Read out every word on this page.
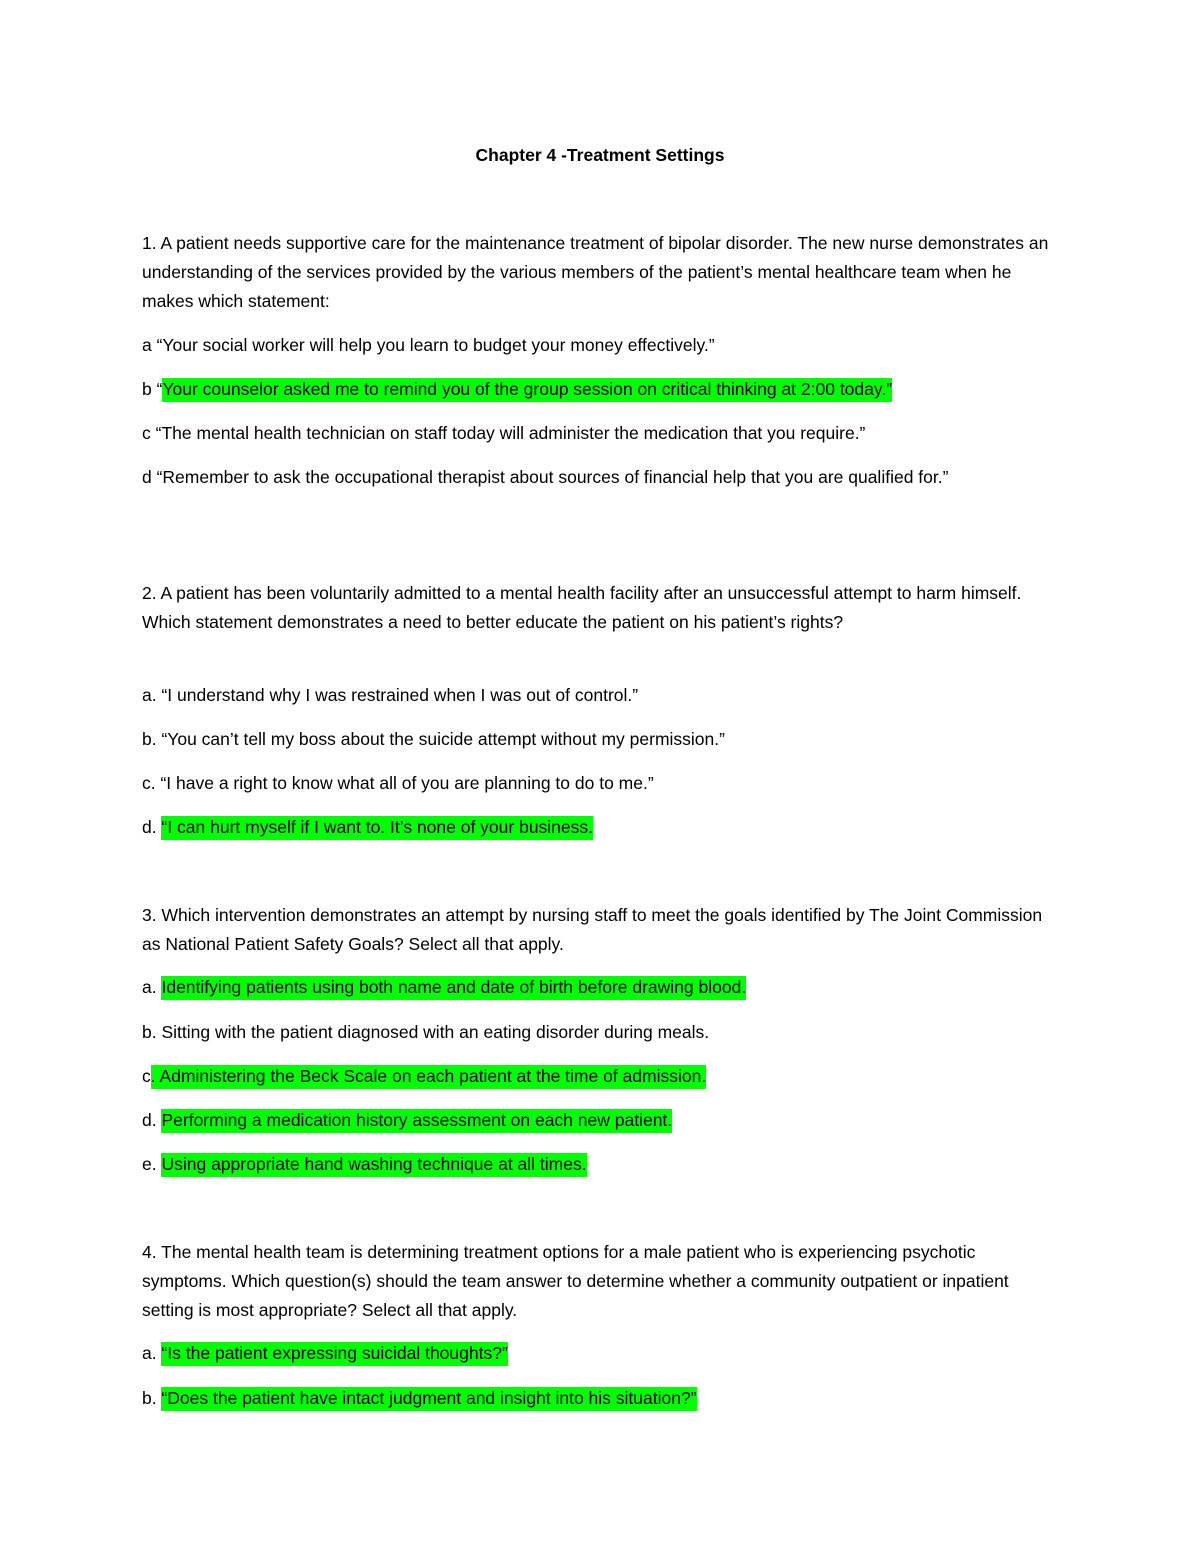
Chapter 4 -Treatment Settings

1. A patient needs supportive care for the maintenance treatment of bipolar disorder. The new nurse demonstrates an understanding of the services provided by the various members of the patient’s mental healthcare team when he makes which statement:

a “Your social worker will help you learn to budget your money effectively.”

b “Your counselor asked me to remind you of the group session on critical thinking at 2:00 today.”

c “The mental health technician on staff today will administer the medication that you require.”

d “Remember to ask the occupational therapist about sources of financial help that you are qualified for.”

2. A patient has been voluntarily admitted to a mental health facility after an unsuccessful attempt to harm himself. Which statement demonstrates a need to better educate the patient on his patient’s rights?

a. “I understand why I was restrained when I was out of control.”

b. “You can’t tell my boss about the suicide attempt without my permission.”

c. “I have a right to know what all of you are planning to do to me.”

d. “I can hurt myself if I want to. It’s none of your business.

3. Which intervention demonstrates an attempt by nursing staff to meet the goals identified by The Joint Commission as National Patient Safety Goals? Select all that apply.

a. Identifying patients using both name and date of birth before drawing blood.

b. Sitting with the patient diagnosed with an eating disorder during meals.

c. Administering the Beck Scale on each patient at the time of admission.

d. Performing a medication history assessment on each new patient.

e. Using appropriate hand washing technique at all times.

4. The mental health team is determining treatment options for a male patient who is experiencing psychotic symptoms. Which question(s) should the team answer to determine whether a community outpatient or inpatient setting is most appropriate? Select all that apply.

a. “Is the patient expressing suicidal thoughts?”

b. “Does the patient have intact judgment and insight into his situation?”
